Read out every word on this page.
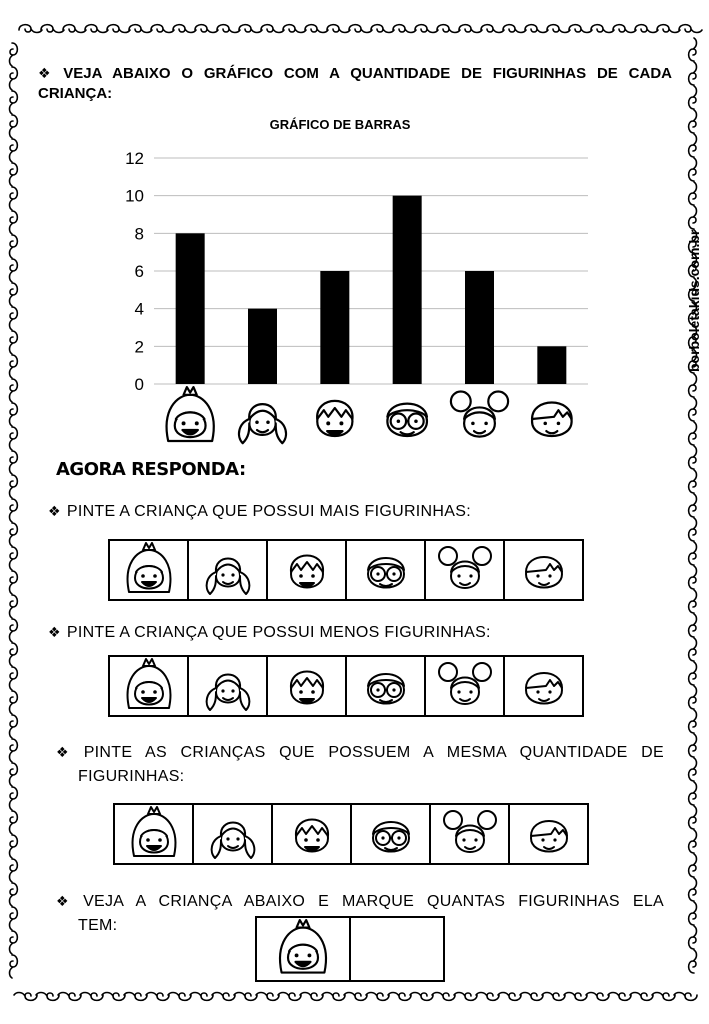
❖ VEJA ABAIXO O GRÁFICO COM A QUANTIDADE DE FIGURINHAS DE CADA
CRIANÇA:
GRÁFICO DE BARRAS
0
2
4
6
8
10
12
borboletakids.com.br
AGORA RESPONDA:
❖ PINTE A CRIANÇA QUE POSSUI MAIS FIGURINHAS:
❖ PINTE A CRIANÇA QUE POSSUI MENOS FIGURINHAS:
❖ PINTE AS CRIANÇAS QUE POSSUEM A MESMA QUANTIDADE DE
FIGURINHAS:
❖ VEJA A CRIANÇA ABAIXO E MARQUE QUANTAS FIGURINHAS ELA
TEM:
